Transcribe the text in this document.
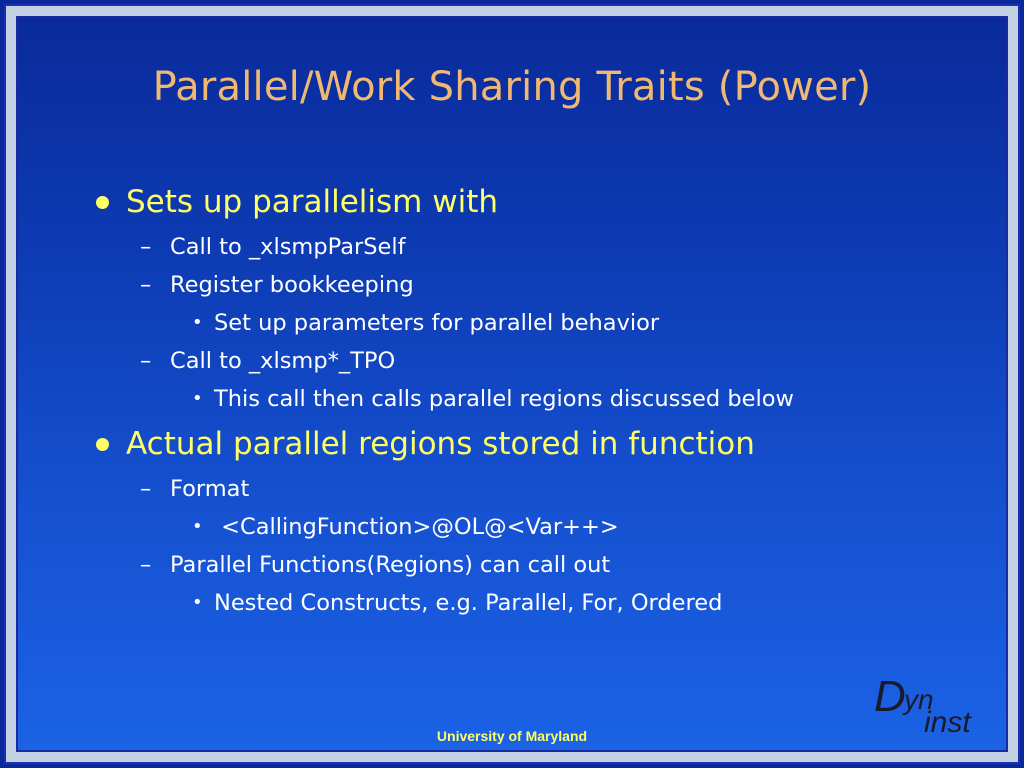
Parallel/Work Sharing Traits (Power)
Sets up parallelism with
– Call to _xlsmpParSelf
– Register bookkeeping
• Set up parameters for parallel behavior
– Call to _xlsmp*_TPO
• This call then calls parallel regions discussed below
Actual parallel regions stored in function
– Format
• <CallingFunction>@OL@<Var++>
– Parallel Functions(Regions) can call out
• Nested Constructs, e.g. Parallel, For, Ordered
University of Maryland
D
yn
inst
